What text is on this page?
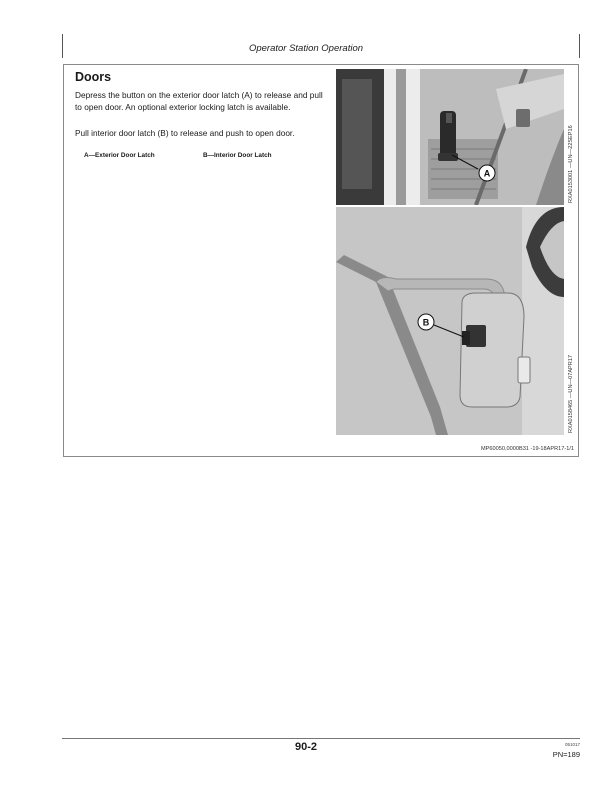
Operator Station Operation
Doors

Depress the button on the exterior door latch (A) to release and pull to open door. An optional exterior locking latch is available.

Pull interior door latch (B) to release and push to open door.

A—Exterior Door Latch	B—Interior Door Latch	RXA0153001 —UN—22SEP16
RXA0158465 —UN—07APR17
A
B
MP60050,0000B31 -19-18APR17-1/1
90-2	051017
PN=189
